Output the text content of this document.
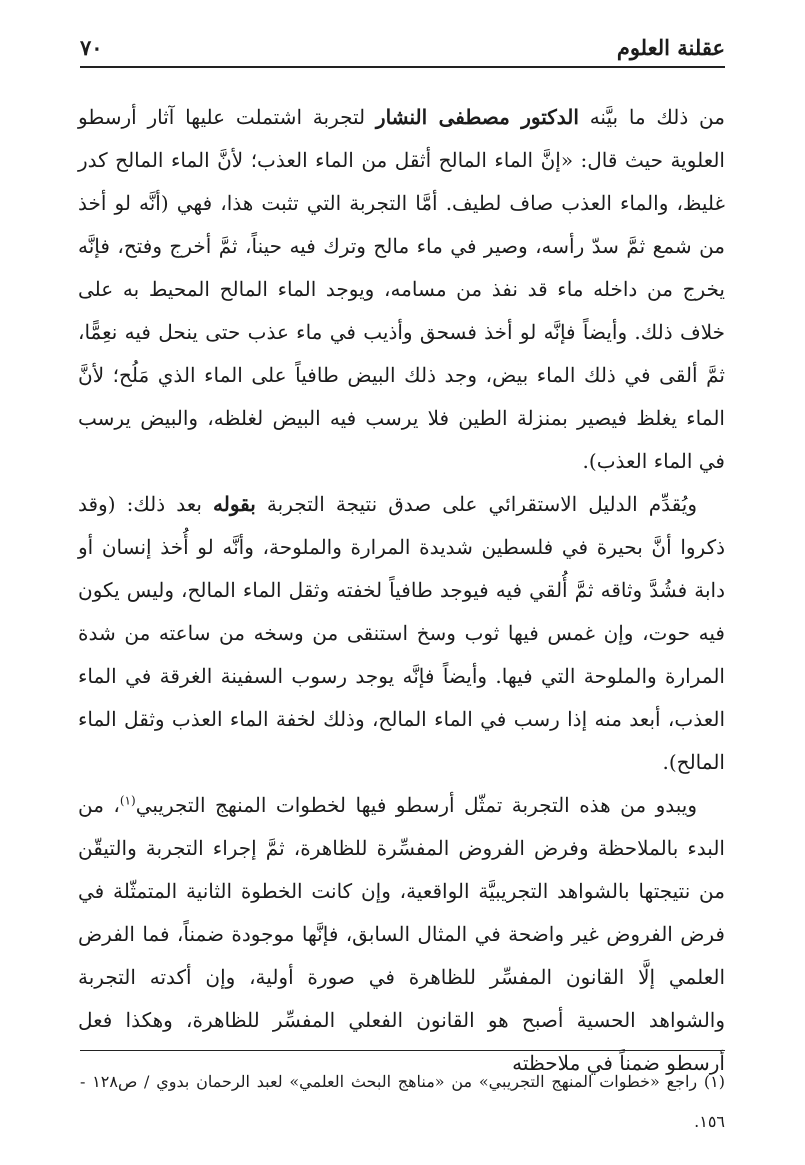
عقلنة العلوم
٧٠

من ذلك ما بيَّنه الدكتور مصطفى النشار لتجربة اشتملت عليها آثار أرسطو العلوية حيث قال: «إنَّ الماء المالح أثقل من الماء العذب؛ لأنَّ الماء المالح كدر غليظ، والماء العذب صاف لطيف. أمَّا التجربة التي تثبت هذا، فهي (أنَّه لو أخذ من شمع ثمَّ سدّ رأسه، وصير في ماء مالح وترك فيه حيناً، ثمَّ أخرج وفتح، فإنَّه يخرج من داخله ماء قد نفذ من مسامه، ويوجد الماء المالح المحيط به على خلاف ذلك. وأيضاً فإنَّه لو أخذ فسحق وأذيب في ماء عذب حتى ينحل فيه نعِمًّا، ثمَّ ألقى في ذلك الماء بيض، وجد ذلك البيض طافياً على الماء الذي مَلُح؛ لأنَّ الماء يغلظ فيصير بمنزلة الطين فلا يرسب فيه البيض لغلظه، والبيض يرسب في الماء العذب).

ويُقدِّم الدليل الاستقرائي على صدق نتيجة التجربة بقوله بعد ذلك: (وقد ذكروا أنَّ بحيرة في فلسطين شديدة المرارة والملوحة، وأنَّه لو أُخذ إنسان أو دابة فشُدَّ وثاقه ثمَّ أُلقي فيه فيوجد طافياً لخفته وثقل الماء المالح، وليس يكون فيه حوت، وإن غمس فيها ثوب وسخ استنقى من وسخه من ساعته من شدة المرارة والملوحة التي فيها. وأيضاً فإنَّه يوجد رسوب السفينة الغرقة في الماء العذب، أبعد منه إذا رسب في الماء المالح، وذلك لخفة الماء العذب وثقل الماء المالح).

ويبدو من هذه التجربة تمثّل أرسطو فيها لخطوات المنهج التجريبي$^{(١)}$، من البدء بالملاحظة وفرض الفروض المفسِّرة للظاهرة، ثمَّ إجراء التجربة والتيقّن من نتيجتها بالشواهد التجريبيَّة الواقعية، وإن كانت الخطوة الثانية المتمثّلة في فرض الفروض غير واضحة في المثال السابق، فإنَّها موجودة ضمناً، فما الفرض العلمي إلَّا القانون المفسِّر للظاهرة في صورة أولية، وإن أكدته التجربة والشواهد الحسية أصبح هو القانون الفعلي المفسِّر للظاهرة، وهكذا فعل أرسطو ضمناً في ملاحظته

(١) راجع «خطوات المنهج التجريبي» من «مناهج البحث العلمي» لعبد الرحمان بدوي / ص١٢٨ - ١٥٦.
